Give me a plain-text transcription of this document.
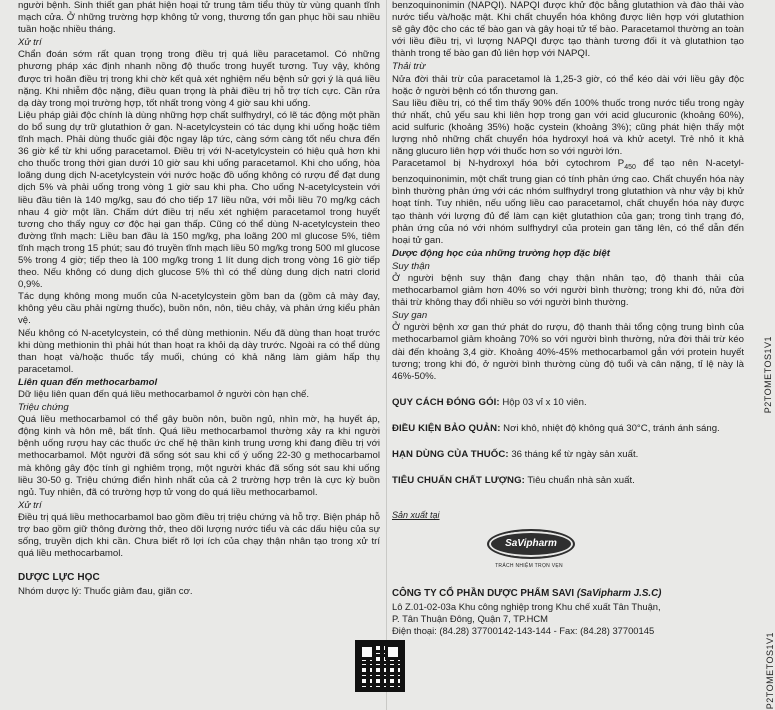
người bệnh. Sinh thiết gan phát hiện hoại tử trung tâm tiểu thùy từ vùng quanh tĩnh mạch cửa. Ở những trường hợp không tử vong, thương tổn gan phục hồi sau nhiều tuần hoặc nhiều tháng.

Xử trí

Chẩn đoán sớm rất quan trọng trong điều trị quá liều paracetamol. Có những phương pháp xác định nhanh nồng độ thuốc trong huyết tương. Tuy vậy, không được trì hoãn điều trị trong khi chờ kết quả xét nghiệm nếu bệnh sử gợi ý là quá liều nặng. Khi nhiễm độc nặng, điều quan trọng là phải điều trị hỗ trợ tích cực. Cần rửa dạ dày trong mọi trường hợp, tốt nhất trong vòng 4 giờ sau khi uống.

Liệu pháp giải độc chính là dùng những hợp chất sulfhydryl, có lẽ tác động một phần do bổ sung dự trữ glutathion ở gan. N-acetylcystein có tác dụng khi uống hoặc tiêm tĩnh mạch. Phải dùng thuốc giải độc ngay lập tức, càng sớm càng tốt nếu chưa đến 36 giờ kể từ khi uống paracetamol. Điều trị với N-acetylcystein có hiệu quả hơn khi cho thuốc trong thời gian dưới 10 giờ sau khi uống paracetamol. Khi cho uống, hòa loãng dung dịch N-acetylcystein với nước hoặc đồ uống không có rượu để đạt dung dịch 5% và phải uống trong vòng 1 giờ sau khi pha. Cho uống N-acetylcystein với liều đầu tiên là 140 mg/kg, sau đó cho tiếp 17 liều nữa, với mỗi liều 70 mg/kg cách nhau 4 giờ một lần. Chấm dứt điều trị nếu xét nghiệm paracetamol trong huyết tương cho thấy nguy cơ độc hại gan thấp. Cũng có thể dùng N-acetylcystein theo đường tĩnh mạch: Liều ban đầu là 150 mg/kg, pha loãng 200 ml glucose 5%, tiêm tĩnh mạch trong 15 phút; sau đó truyền tĩnh mạch liều 50 mg/kg trong 500 ml glucose 5% trong 4 giờ; tiếp theo là 100 mg/kg trong 1 lít dung dịch trong vòng 16 giờ tiếp theo. Nếu không có dung dịch glucose 5% thì có thể dùng dung dịch natri clorid 0,9%.

Tác dụng không mong muốn của N-acetylcystein gồm ban da (gồm cả mày đay, không yêu cầu phải ngừng thuốc), buồn nôn, nôn, tiêu chảy, và phản ứng kiểu phản vệ.

Nếu không có N-acetylcystein, có thể dùng methionin. Nếu đã dùng than hoạt trước khi dùng methionin thì phải hút than hoạt ra khỏi dạ dày trước. Ngoài ra có thể dùng than hoạt và/hoặc thuốc tẩy muối, chúng có khả năng làm giảm hấp thụ paracetamol.

Liên quan đến methocarbamol

Dữ liệu liên quan đến quá liều methocarbamol ở người còn hạn chế.

Triệu chứng

Quá liều methocarbamol có thể gây buồn nôn, buồn ngủ, nhìn mờ, hạ huyết áp, động kinh và hôn mê, bất tỉnh. Quá liều methocarbamol thường xảy ra khi người bệnh uống rượu hay các thuốc ức chế hệ thần kinh trung ương khi đang điều trị với methocarbamol. Một người đã sống sót sau khi cố ý uống 22-30 g methocarbamol mà không gây độc tính gì nghiêm trọng, một người khác đã sống sót sau khi uống liều 30-50 g. Triệu chứng điển hình nhất của cả 2 trường hợp trên là cực kỳ buồn ngủ. Tuy nhiên, đã có trường hợp tử vong do quá liều methocarbamol.

Xử trí

Điều trị quá liều methocarbamol bao gồm điều trị triệu chứng và hỗ trợ. Biện pháp hỗ trợ bao gồm giữ thông đường thở, theo dõi lượng nước tiểu và các dấu hiệu của sự sống, truyền dịch khi cần. Chưa biết rõ lợi ích của chạy thận nhân tạo trong xử trí quá liều methocarbamol.

DƯỢC LỰC HỌC

Nhóm dược lý: Thuốc giảm đau, giãn cơ.

benzoquinonimin (NAPQI). NAPQI được khử độc bằng glutathion và đào thải vào nước tiểu và/hoặc mật. Khi chất chuyển hóa không được liên hợp với glutathion sẽ gây độc cho các tế bào gan và gây hoại tử tế bào. Paracetamol thường an toàn với liều điều trị, vì lượng NAPQI được tạo thành tương đối ít và glutathion tạo thành trong tế bào gan đủ liên hợp với NAPQI.

Thải trừ

Nửa đời thải trừ của paracetamol là 1,25-3 giờ, có thể kéo dài với liều gây độc hoặc ở người bệnh có tổn thương gan.

Sau liều điều trị, có thể tìm thấy 90% đến 100% thuốc trong nước tiểu trong ngày thứ nhất, chủ yếu sau khi liên hợp trong gan với acid glucuronic (khoảng 60%), acid sulfuric (khoảng 35%) hoặc cystein (khoảng 3%); cũng phát hiện thấy một lượng nhỏ những chất chuyển hóa hydroxyl hoá và khử acetyl. Trẻ nhỏ ít khả năng glucuro liên hợp với thuốc hơn so với người lớn.

Paracetamol bị N-hydroxyl hóa bởi cytochrom $P_{450}$ để tạo nên N-acetyl-benzoquinonimin, một chất trung gian có tính phản ứng cao. Chất chuyển hóa này bình thường phản ứng với các nhóm sulfhydryl trong glutathion và như vậy bị khử hoạt tính. Tuy nhiên, nếu uống liều cao paracetamol, chất chuyển hóa này được tạo thành với lượng đủ để làm cạn kiệt glutathion của gan; trong tình trạng đó, phản ứng của nó với nhóm sulfhydryl của protein gan tăng lên, có thể dẫn đến hoại tử gan.

Dược động học của những trường hợp đặc biệt

Suy thận

Ở người bệnh suy thận đang chạy thận nhân tạo, độ thanh thải của methocarbamol giảm hơn 40% so với người bình thường; trong khi đó, nửa đời thải trừ không thay đổi nhiều so với người bình thường.

Suy gan

Ở người bệnh xơ gan thứ phát do rượu, độ thanh thải tổng cộng trung bình của methocarbamol giảm khoảng 70% so với người bình thường, nửa đời thải trừ kéo dài đến khoảng 3,4 giờ. Khoảng 40%-45% methocarbamol gắn với protein huyết tương; trong khi đó, ở người bình thường cùng độ tuổi và cân nặng, tỉ lệ này là 46%-50%.

QUY CÁCH ĐÓNG GÓI: Hộp 03 vỉ x 10 viên.

ĐIỀU KIỆN BẢO QUẢN: Nơi khô, nhiệt độ không quá 30°C, tránh ánh sáng.

HẠN DÙNG CỦA THUỐC: 36 tháng kể từ ngày sản xuất.

TIÊU CHUẨN CHẤT LƯỢNG: Tiêu chuẩn nhà sản xuất.

Sản xuất tại

SaVipharm
TRÁCH NHIỆM TRỌN VẸN

CÔNG TY CỔ PHẦN DƯỢC PHẨM SAVI (SaVipharm J.S.C)

Lô Z.01-02-03a Khu công nghiệp trong Khu chế xuất Tân Thuận,

P. Tân Thuận Đông, Quận 7, TP.HCM

Điện thoại: (84.28) 37700142-143-144 - Fax: (84.28) 37700145

P2TOMETOS1V1
P2TOMETOS1V1
